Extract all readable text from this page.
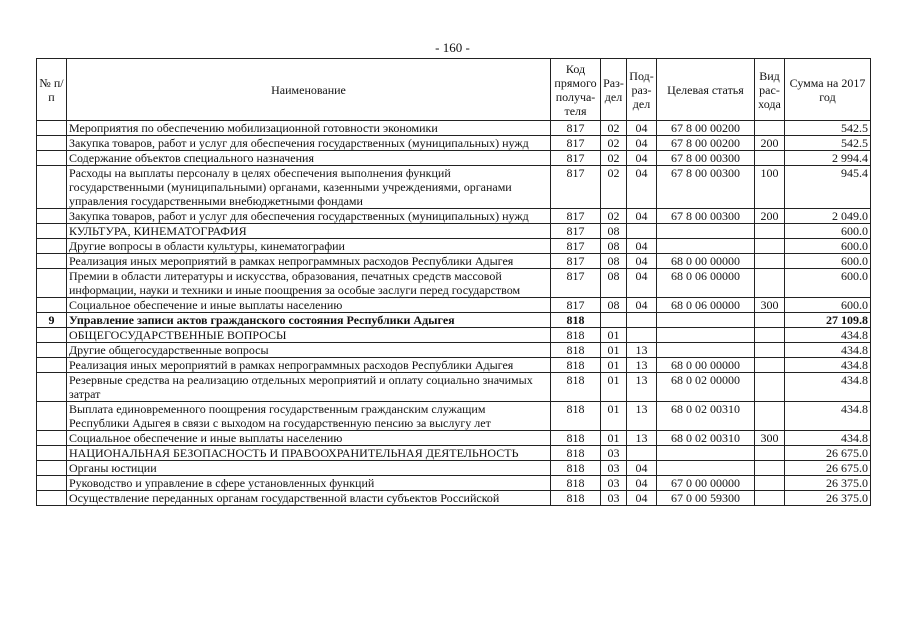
- 160 -
№ п/п	Наименование	Код прямого получа-теля	Раз-дел	Под-раз-дел	Целевая статья	Вид рас-хода	Сумма на 2017 год
	Мероприятия по обеспечению мобилизационной готовности экономики	817	02	04	67 8 00 00200		542.5
	Закупка товаров, работ и услуг для обеспечения государственных (муниципальных) нужд	817	02	04	67 8 00 00200	200	542.5
	Содержание объектов специального назначения	817	02	04	67 8 00 00300		2 994.4
	Расходы на выплаты персоналу в целях обеспечения выполнения функций государственными (муниципальными) органами, казенными учреждениями, органами управления государственными внебюджетными фондами	817	02	04	67 8 00 00300	100	945.4
	Закупка товаров, работ и услуг для обеспечения государственных (муниципальных) нужд	817	02	04	67 8 00 00300	200	2 049.0
	КУЛЬТУРА, КИНЕМАТОГРАФИЯ	817	08				600.0
	Другие вопросы в области культуры, кинематографии	817	08	04			600.0
	Реализация иных мероприятий в рамках непрограммных расходов Республики Адыгея	817	08	04	68 0 00 00000		600.0
	Премии в области литературы и искусства, образования, печатных средств массовой информации, науки и техники и иные поощрения за особые заслуги перед государством	817	08	04	68 0 06 00000		600.0
	Социальное обеспечение и иные выплаты населению	817	08	04	68 0 06 00000	300	600.0
9	Управление записи актов гражданского состояния Республики Адыгея	818					27 109.8
	ОБЩЕГОСУДАРСТВЕННЫЕ ВОПРОСЫ	818	01				434.8
	Другие общегосударственные вопросы	818	01	13			434.8
	Реализация иных мероприятий в рамках непрограммных расходов Республики Адыгея	818	01	13	68 0 00 00000		434.8
	Резервные средства на реализацию отдельных мероприятий и оплату социально значимых затрат	818	01	13	68 0 02 00000		434.8
	Выплата единовременного поощрения государственным гражданским служащим Республики Адыгея в связи с выходом на государственную пенсию за выслугу лет	818	01	13	68 0 02 00310		434.8
	Социальное обеспечение и иные выплаты населению	818	01	13	68 0 02 00310	300	434.8
	НАЦИОНАЛЬНАЯ БЕЗОПАСНОСТЬ И ПРАВООХРАНИТЕЛЬНАЯ ДЕЯТЕЛЬНОСТЬ	818	03				26 675.0
	Органы юстиции	818	03	04			26 675.0
	Руководство и управление в сфере установленных функций	818	03	04	67 0 00 00000		26 375.0
	Осуществление переданных органам государственной власти субъектов Российской	818	03	04	67 0 00 59300		26 375.0
